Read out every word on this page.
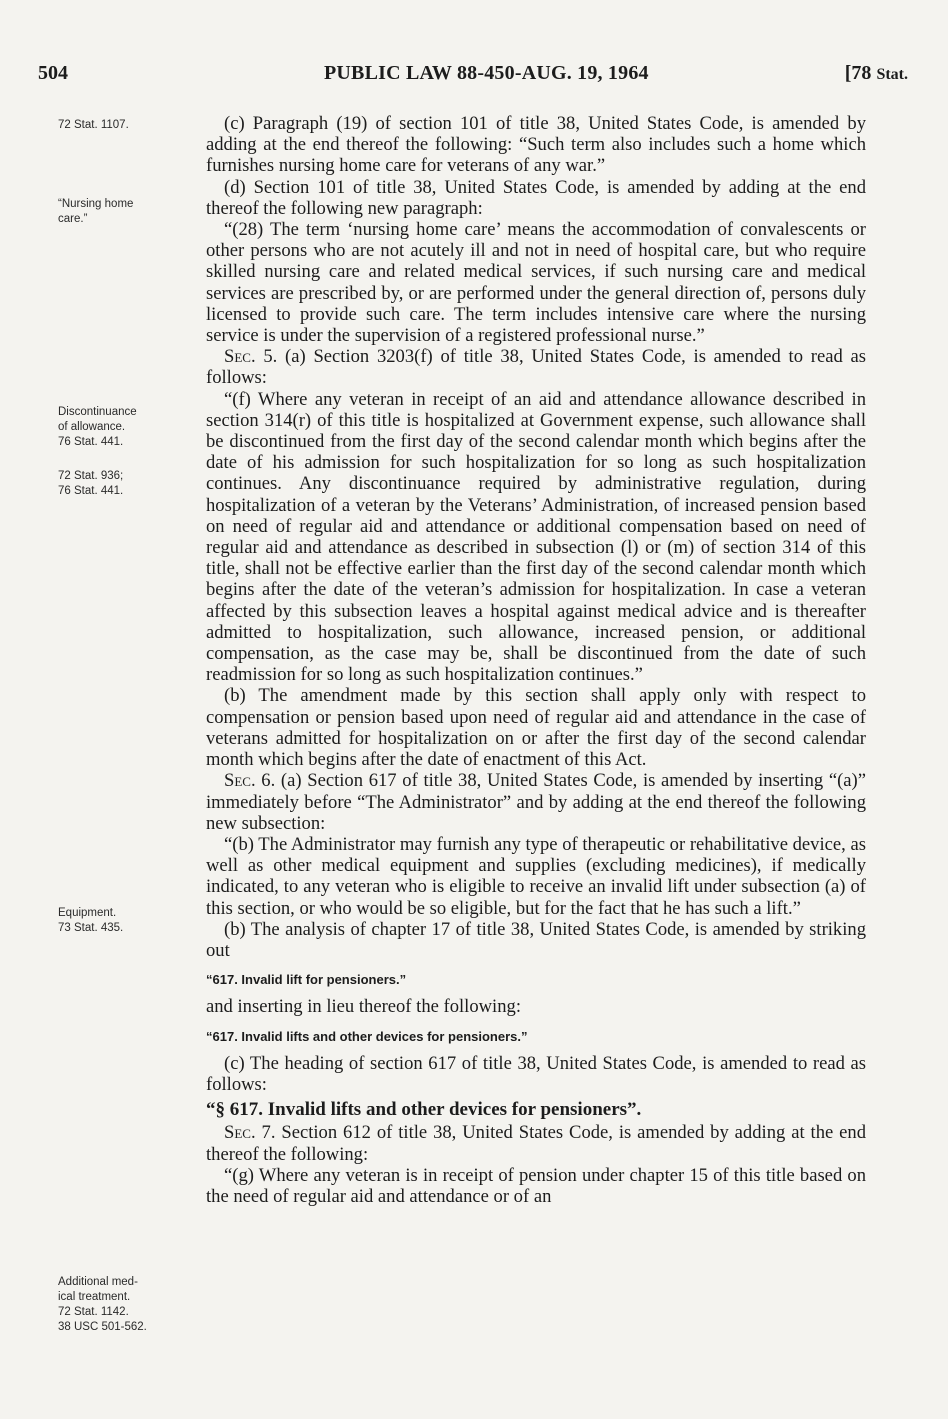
504	PUBLIC LAW 88-450-AUG. 19, 1964	[78 Stat.
72 Stat. 1107.
“Nursing home
care.”
Discontinuance
of allowance.
76 Stat. 441.
72 Stat. 936;
76 Stat. 441.
Equipment.
73 Stat. 435.
Additional med-
ical treatment.
72 Stat. 1142.
38 USC 501-562.

(c) Paragraph (19) of section 101 of title 38, United States Code, is amended by adding at the end thereof the following: “Such term also includes such a home which furnishes nursing home care for veterans of any war.”

(d) Section 101 of title 38, United States Code, is amended by adding at the end thereof the following new paragraph:

“(28) The term ‘nursing home care’ means the accommodation of convalescents or other persons who are not acutely ill and not in need of hospital care, but who require skilled nursing care and related medical services, if such nursing care and medical services are prescribed by, or are performed under the general direction of, persons duly licensed to provide such care. The term includes intensive care where the nursing service is under the supervision of a registered professional nurse.”

Sec. 5. (a) Section 3203(f) of title 38, United States Code, is amended to read as follows:

“(f) Where any veteran in receipt of an aid and attendance allowance described in section 314(r) of this title is hospitalized at Government expense, such allowance shall be discontinued from the first day of the second calendar month which begins after the date of his admission for such hospitalization for so long as such hospitalization continues. Any discontinuance required by administrative regulation, during hospitalization of a veteran by the Veterans’ Administration, of increased pension based on need of regular aid and attendance or additional compensation based on need of regular aid and attendance as described in subsection (l) or (m) of section 314 of this title, shall not be effective earlier than the first day of the second calendar month which begins after the date of the veteran’s admission for hospitalization. In case a veteran affected by this subsection leaves a hospital against medical advice and is thereafter admitted to hospitalization, such allowance, increased pension, or additional compensation, as the case may be, shall be discontinued from the date of such readmission for so long as such hospitalization continues.”

(b) The amendment made by this section shall apply only with respect to compensation or pension based upon need of regular aid and attendance in the case of veterans admitted for hospitalization on or after the first day of the second calendar month which begins after the date of enactment of this Act.

Sec. 6. (a) Section 617 of title 38, United States Code, is amended by inserting “(a)” immediately before “The Administrator” and by adding at the end thereof the following new subsection:

“(b) The Administrator may furnish any type of therapeutic or rehabilitative device, as well as other medical equipment and supplies (excluding medicines), if medically indicated, to any veteran who is eligible to receive an invalid lift under subsection (a) of this section, or who would be so eligible, but for the fact that he has such a lift.”

(b) The analysis of chapter 17 of title 38, United States Code, is amended by striking out

“617. Invalid lift for pensioners.”

and inserting in lieu thereof the following:

“617. Invalid lifts and other devices for pensioners.”

(c) The heading of section 617 of title 38, United States Code, is amended to read as follows:

“§ 617. Invalid lifts and other devices for pensioners”.

Sec. 7. Section 612 of title 38, United States Code, is amended by adding at the end thereof the following:

“(g) Where any veteran is in receipt of pension under chapter 15 of this title based on the need of regular aid and attendance or of an
